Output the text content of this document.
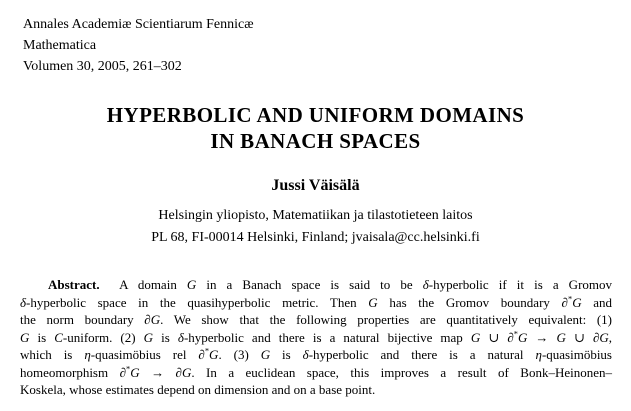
Annales Academiæ Scientiarum Fennicæ
Mathematica
Volumen 30, 2005, 261–302
HYPERBOLIC AND UNIFORM DOMAINS
IN BANACH SPACES
Jussi Väisälä
Helsingin yliopisto, Matematiikan ja tilastotieteen laitos
PL 68, FI-00014 Helsinki, Finland; jvaisala@cc.helsinki.fi
Abstract.  A domain G in a Banach space is said to be δ-hyperbolic if it is a Gromov
δ-hyperbolic space in the quasihyperbolic metric. Then G has the Gromov boundary ∂*G and
the norm boundary ∂G. We show that the following properties are quantitatively equivalent: (1)
G is C-uniform. (2) G is δ-hyperbolic and there is a natural bijective map G ∪ ∂*G → G ∪ ∂G,
which is η-quasimöbius rel ∂*G. (3) G is δ-hyperbolic and there is a natural η-quasimöbius
homeomorphism ∂*G → ∂G. In a euclidean space, this improves a result of Bonk–Heinonen–
Koskela, whose estimates depend on dimension and on a base point.
